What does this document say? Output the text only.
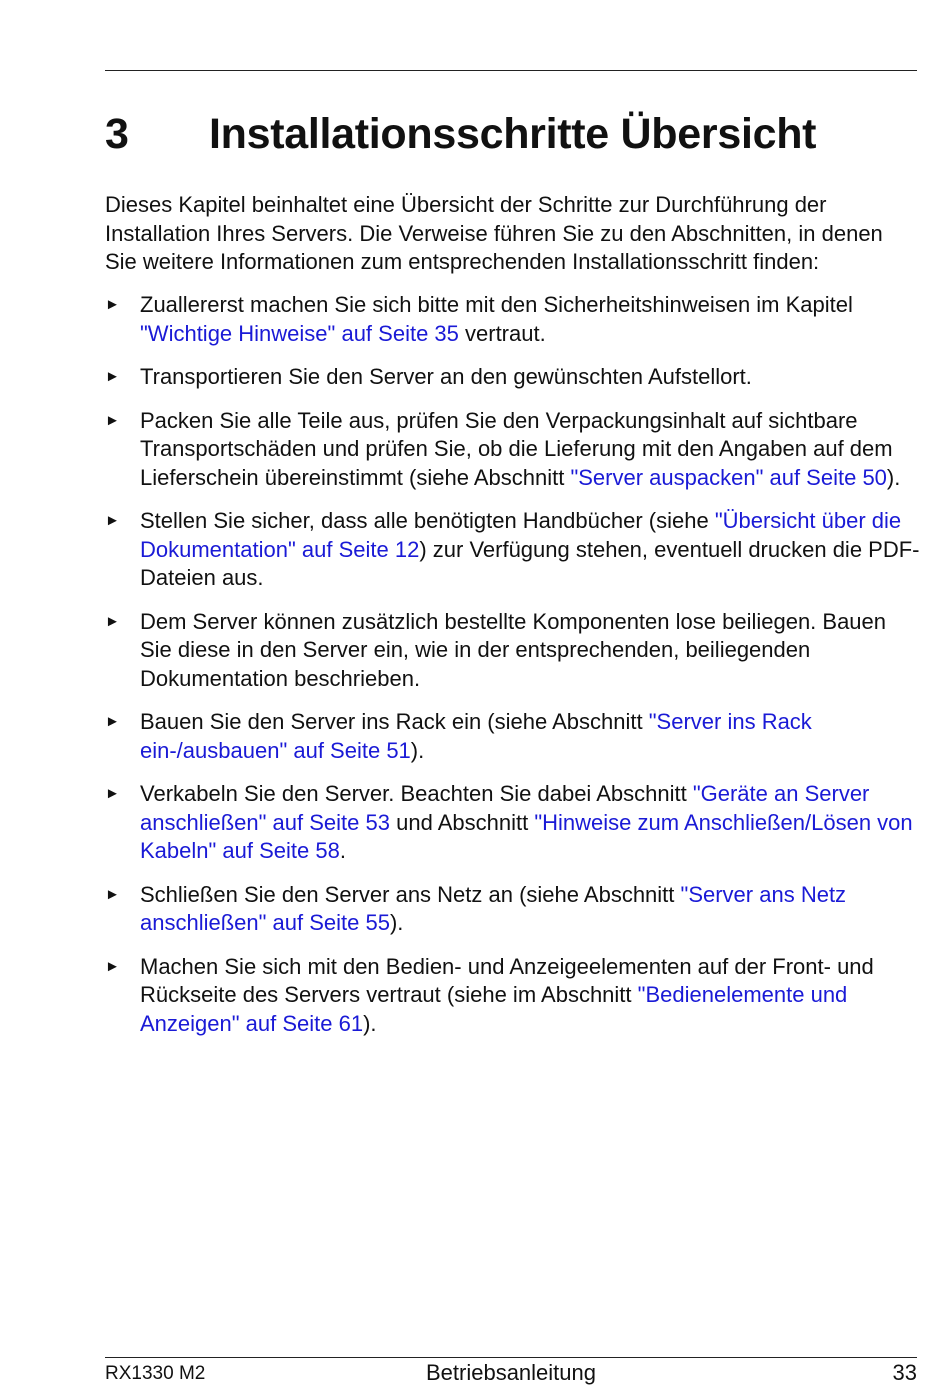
3 Installationsschritte Übersicht

Dieses Kapitel beinhaltet eine Übersicht der Schritte zur Durchführung der Installation Ihres Servers. Die Verweise führen Sie zu den Abschnitten, in denen Sie weitere Informationen zum entsprechenden Installationsschritt finden:

► Zuallererst machen Sie sich bitte mit den Sicherheitshinweisen im Kapitel "Wichtige Hinweise" auf Seite 35 vertraut.
► Transportieren Sie den Server an den gewünschten Aufstellort.
► Packen Sie alle Teile aus, prüfen Sie den Verpackungsinhalt auf sichtbare Transportschäden und prüfen Sie, ob die Lieferung mit den Angaben auf dem Lieferschein übereinstimmt (siehe Abschnitt "Server auspacken" auf Seite 50).
► Stellen Sie sicher, dass alle benötigten Handbücher (siehe "Übersicht über die Dokumentation" auf Seite 12) zur Verfügung stehen, eventuell drucken die PDF-Dateien aus.
► Dem Server können zusätzlich bestellte Komponenten lose beiliegen. Bauen Sie diese in den Server ein, wie in der entsprechenden, beiliegenden Dokumentation beschrieben.
► Bauen Sie den Server ins Rack ein (siehe Abschnitt "Server ins Rack ein-/ausbauen" auf Seite 51).
► Verkabeln Sie den Server. Beachten Sie dabei Abschnitt "Geräte an Server anschließen" auf Seite 53 und Abschnitt "Hinweise zum Anschließen/Lösen von Kabeln" auf Seite 58.
► Schließen Sie den Server ans Netz an (siehe Abschnitt "Server ans Netz anschließen" auf Seite 55).
► Machen Sie sich mit den Bedien- und Anzeigeelementen auf der Front- und Rückseite des Servers vertraut (siehe im Abschnitt "Bedienelemente und Anzeigen" auf Seite 61).
RX1330 M2	Betriebsanleitung	33
